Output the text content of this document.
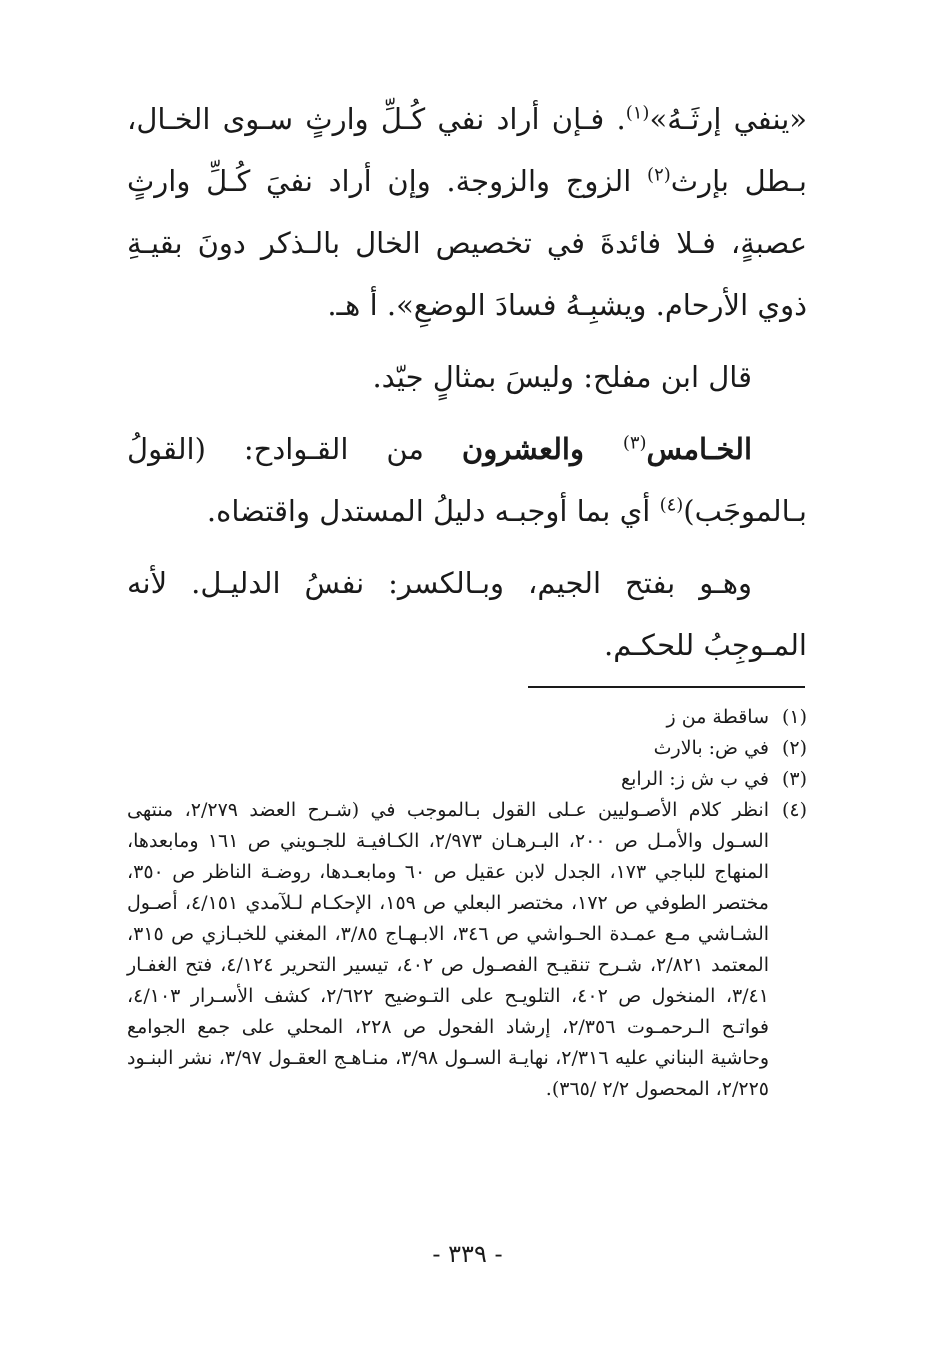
«ينفي إرثَـهُ»$^{(١)}$. فـإن أراد نفي كُـلِّ وارثٍ سـوى الخـال، بـطل بإرث$^{(٢)}$ الزوج والزوجة. وإن أراد نفيَ كُـلِّ وارثٍ عصبةٍ، فـلا فائدةَ في تخصيص الخال بالـذكر دونَ بقيـةِ ذوي الأرحام. ويشبِـهُ فسادَ الوضعِ». أ هـ.

قال ابن مفلح: وليسَ بمثالٍ جيّد.

الخـامس$^{(٣)}$ والعشرون من القـوادح: (القولُ بـالموجَب)$^{(٤)}$ أي بما أوجبـه دليلُ المستدل واقتضاه.

وهـو بفتح الجيم، وبـالكسر: نفسُ الدليـل. لأنه المـوجِبُ للحكـم.

(١)
ساقطة من ز
(٢)
في ض: بالارث
(٣)
في ب ش ز: الرابع
(٤)
انظر كلام الأصـوليين عـلى القول بـالموجب في (شـرح العضد ٢/٢٧٩، منتهى السـول والأمـل ص ٢٠٠، البـرهـان ٢/٩٧٣، الكـافيـة للجـويني ص ١٦١ ومابعدها، المنهاج للباجي ١٧٣، الجدل لابن عقيل ص ٦٠ ومابعـدها، روضـة الناظر ص ٣٥٠، مختصر الطوفي ص ١٧٢، مختصر البعلي ص ١٥٩، الإحكـام لـلآمدي ٤/١٥١، أصـول الشـاشي مـع عمـدة الحـواشي ص ٣٤٦، الابـهـاج ٣/٨٥، المغني للخبـازي ص ٣١٥، المعتمد ٢/٨٢١، شـرح تنقيـح الفصـول ص ٤٠٢، تيسير التحرير ٤/١٢٤، فتح الغفـار ٣/٤١، المنخول ص ٤٠٢، التلويـح على التـوضيح ٢/٦٢٢، كشف الأسـرار ٤/١٠٣، فواتـح الـرحمـوت ٢/٣٥٦، إرشاد الفحول ص ٢٢٨، المحلي على جمع الجوامع وحاشية البناني عليه ٢/٣١٦، نهايـة السـول ٣/٩٨، منـاهـج العقـول ٣/٩٧، نشر البنـود ٢/٢٢٥، المحصول ٢/٢ /٣٦٥).
- ٣٣٩ -
